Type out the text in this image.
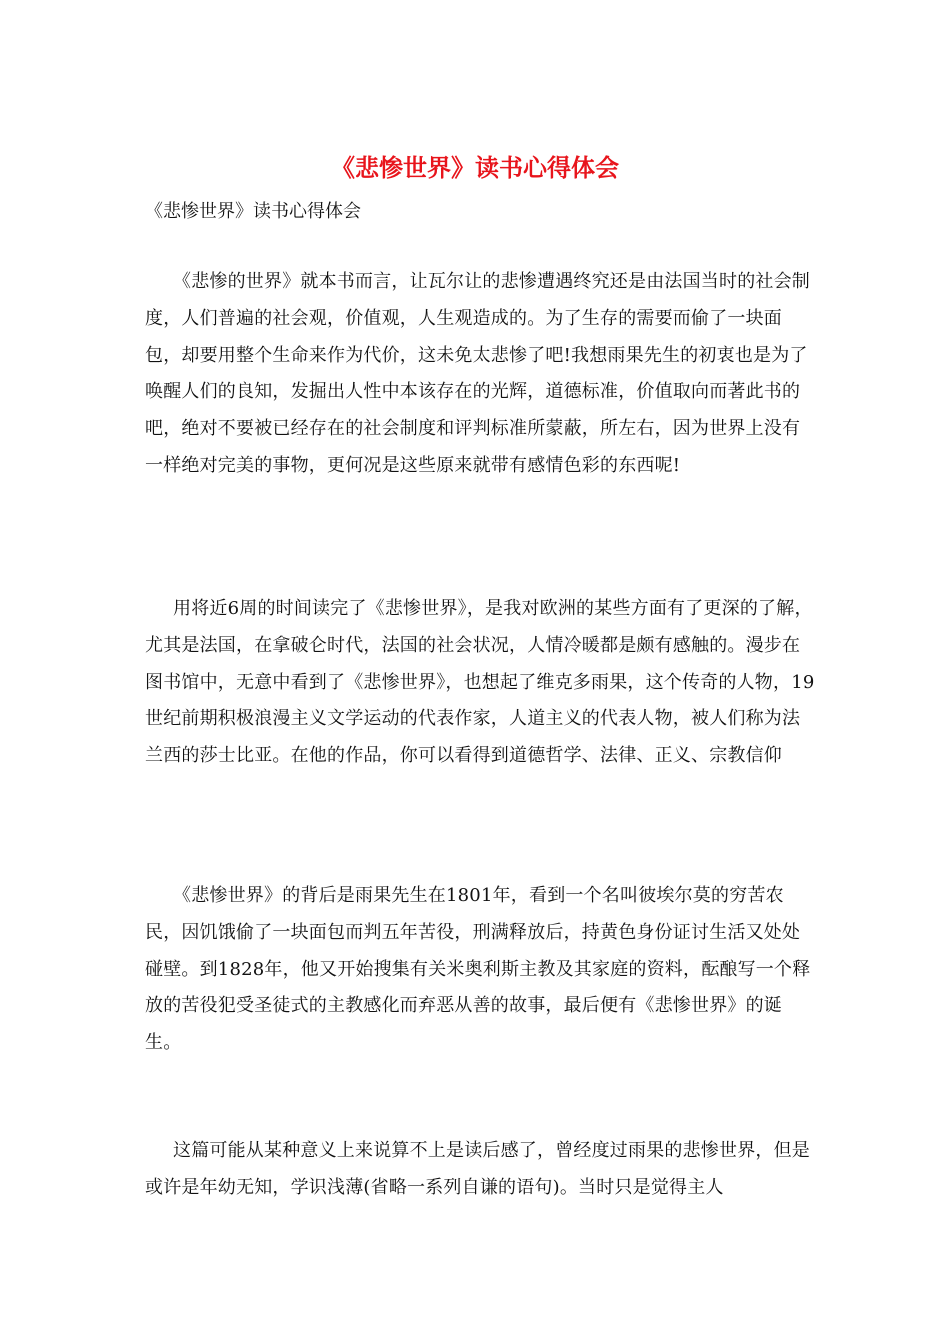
《悲惨世界》读书心得体会
《悲惨世界》读书心得体会

《悲惨的世界》就本书而言，让瓦尔让的悲惨遭遇终究还是由法国当时的社会制度，人们普遍的社会观，价值观，人生观造成的。为了生存的需要而偷了一块面包，却要用整个生命来作为代价，这未免太悲惨了吧!我想雨果先生的初衷也是为了唤醒人们的良知，发掘出人性中本该存在的光辉，道德标准，价值取向而著此书的吧，绝对不要被已经存在的社会制度和评判标准所蒙蔽，所左右，因为世界上没有一样绝对完美的事物，更何况是这些原来就带有感情色彩的东西呢!

用将近6周的时间读完了《悲惨世界》，是我对欧洲的某些方面有了更深的了解，尤其是法国，在拿破仑时代，法国的社会状况，人情冷暖都是颇有感触的。漫步在图书馆中，无意中看到了《悲惨世界》，也想起了维克多雨果，这个传奇的人物，19世纪前期积极浪漫主义文学运动的代表作家，人道主义的代表人物，被人们称为法兰西的莎士比亚。在他的作品，你可以看得到道德哲学、法律、正义、宗教信仰

《悲惨世界》的背后是雨果先生在1801年，看到一个名叫彼埃尔莫的穷苦农民，因饥饿偷了一块面包而判五年苦役，刑满释放后，持黄色身份证讨生活又处处碰壁。到1828年，他又开始搜集有关米奥利斯主教及其家庭的资料，酝酿写一个释放的苦役犯受圣徒式的主教感化而弃恶从善的故事，最后便有《悲惨世界》的诞生。

这篇可能从某种意义上来说算不上是读后感了，曾经度过雨果的悲惨世界，但是或许是年幼无知，学识浅薄(省略一系列自谦的语句)。当时只是觉得主人
